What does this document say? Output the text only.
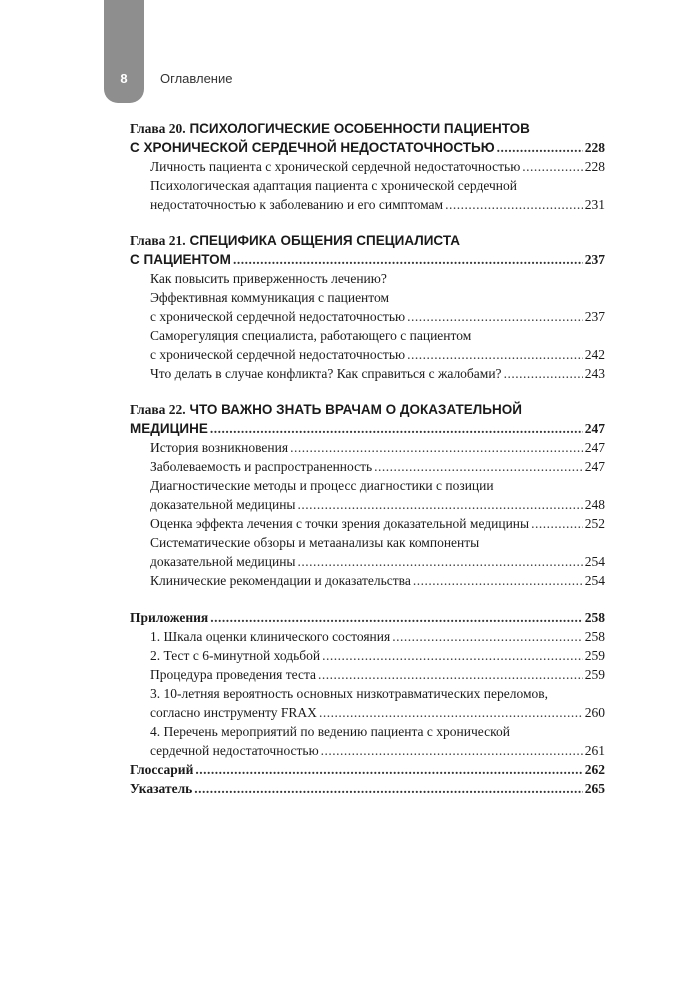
8	Оглавление
Глава 20. ПСИХОЛОГИЧЕСКИЕ ОСОБЕННОСТИ ПАЦИЕНТОВ
С ХРОНИЧЕСКОЙ СЕРДЕЧНОЙ НЕДОСТАТОЧНОСТЬЮ .....	228
Личность пациента с хронической сердечной недостаточностью .....	228
Психологическая адаптация пациента с хронической сердечной
недостаточностью к заболеванию и его симптомам .....	231
Глава 21. СПЕЦИФИКА ОБЩЕНИЯ СПЕЦИАЛИСТА
С ПАЦИЕНТОМ .....	237
Как повысить приверженность лечению?
Эффективная коммуникация с пациентом
с хронической сердечной недостаточностью .....	237
Саморегуляция специалиста, работающего с пациентом
с хронической сердечной недостаточностью .....	242
Что делать в случае конфликта? Как справиться с жалобами? .....	243
Глава 22. ЧТО ВАЖНО ЗНАТЬ ВРАЧАМ О ДОКАЗАТЕЛЬНОЙ
МЕДИЦИНЕ .....	247
История возникновения .....	247
Заболеваемость и распространенность .....	247
Диагностические методы и процесс диагностики с позиции
доказательной медицины .....	248
Оценка эффекта лечения с точки зрения доказательной медицины .....	252
Систематические обзоры и метаанализы как компоненты
доказательной медицины .....	254
Клинические рекомендации и доказательства .....	254
Приложения .....	258
1. Шкала оценки клинического состояния .....	258
2. Тест с 6-минутной ходьбой .....	259
Процедура проведения теста .....	259
3. 10-летняя вероятность основных низкотравматических переломов,
согласно инструменту FRAX .....	260
4. Перечень мероприятий по ведению пациента с хронической
сердечной недостаточностью .....	261
Глоссарий .....	262
Указатель .....	265
